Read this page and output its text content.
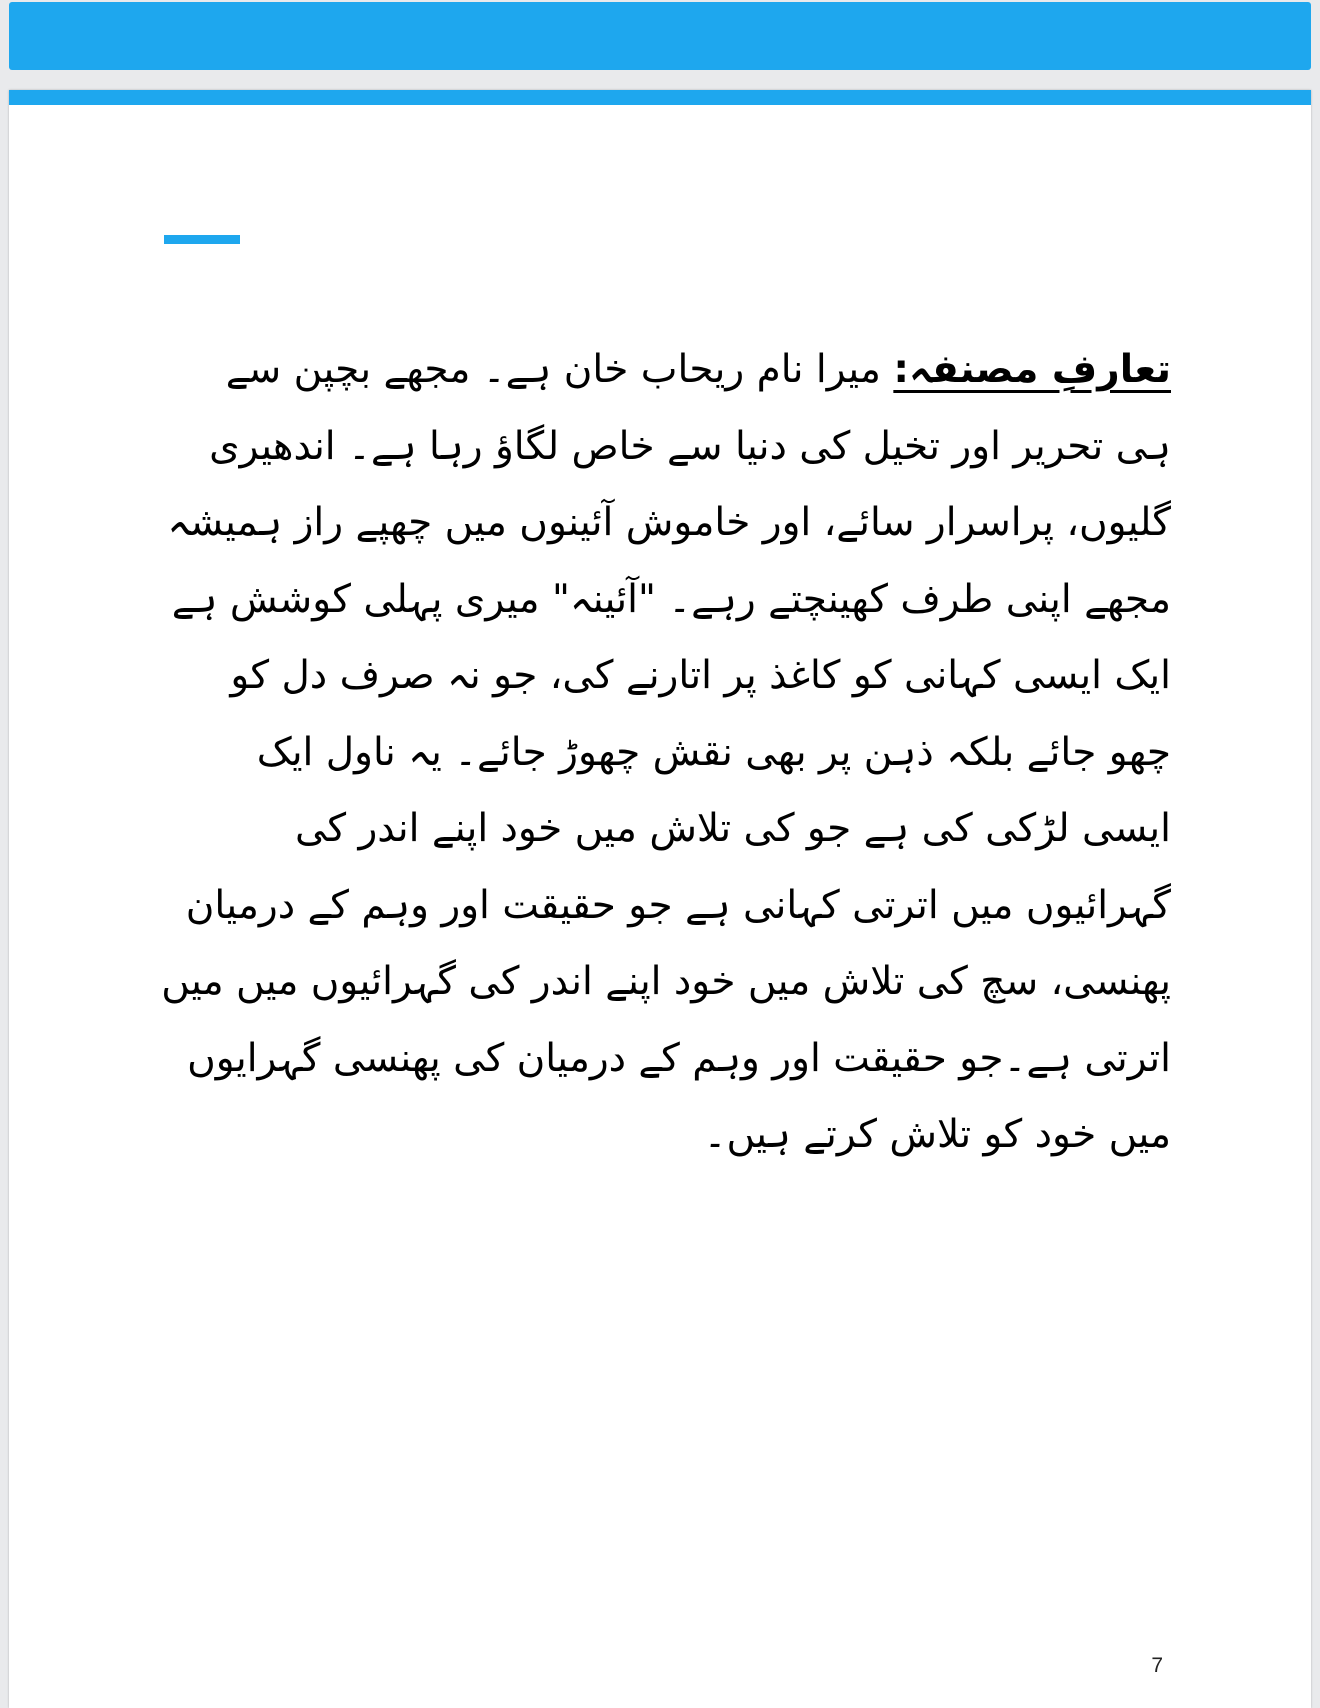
تعارفِ مصنفہ: میرا نام ریحاب خان ہے۔ مجھے بچپن سے ہی تحریر اور تخیل کی دنیا سے خاص لگاؤ رہا ہے۔ اندھیری گلیوں، پراسرار سائے، اور خاموش آئینوں میں چھپے راز ہمیشہ مجھے اپنی طرف کھینچتے رہے۔ "آئینہ" میری پہلی کوشش ہے ایک ایسی کہانی کو کاغذ پر اتارنے کی، جو نہ صرف دل کو چھو جائے بلکہ ذہن پر بھی نقش چھوڑ جائے۔ یہ ناول ایک ایسی لڑکی کی ہے جو کی تلاش میں خود اپنے اندر کی گہرائیوں میں اترتی کہانی ہے جو حقیقت اور وہم کے درمیان پھنسی، سچ کی تلاش میں خود اپنے اندر کی گہرائیوں میں میں اترتی ہے۔جو حقیقت اور وہم کے درمیان کی پھنسی گہرایوں میں خود کو تلاش کرتے ہیں۔

7
